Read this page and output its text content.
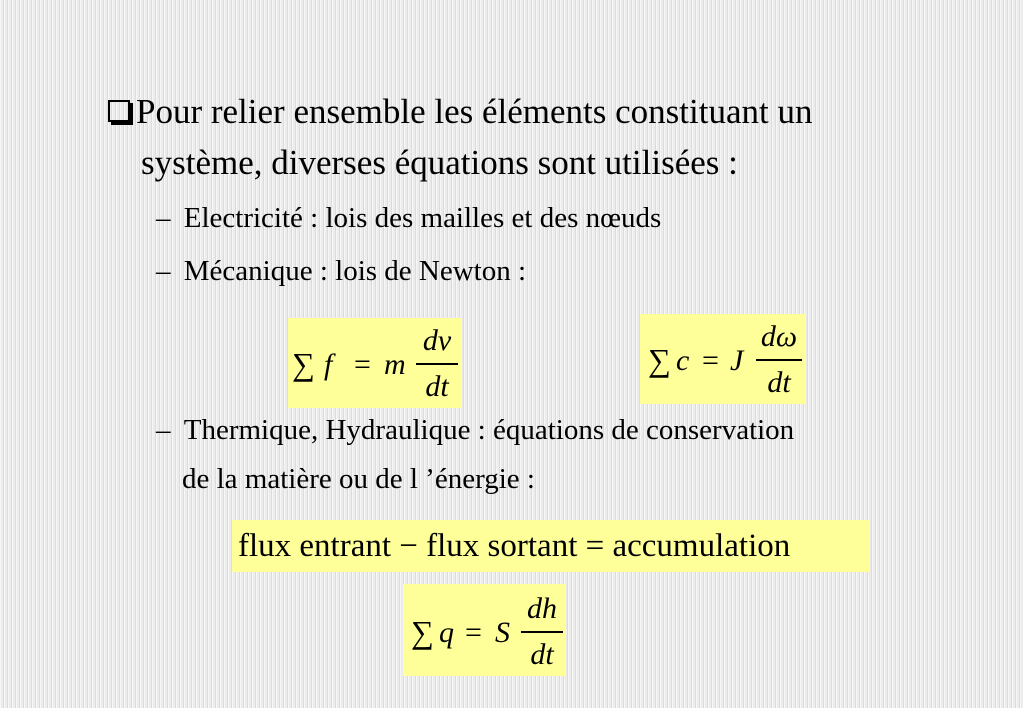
Pour relier ensemble les éléments constituant un
système, diverses équations sont utilisées :
– Electricité : lois des mailles et des nœuds
– Mécanique : lois de Newton :
∑ f = m
dv
dt
∑ c = J
dω
dt
– Thermique, Hydraulique : équations de conservation
de la matière ou de l ’énergie :
flux entrant − flux sortant = accumulation
∑ q = S
dh
dt
